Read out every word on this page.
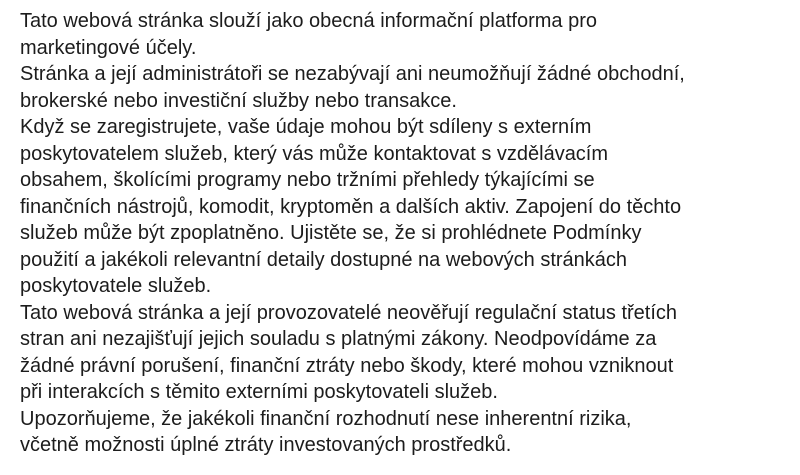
Tato webová stránka slouží jako obecná informační platforma pro
marketingové účely.
Stránka a její administrátoři se nezabývají ani neumožňují žádné obchodní,
brokerské nebo investiční služby nebo transakce.
Když se zaregistrujete, vaše údaje mohou být sdíleny s externím
poskytovatelem služeb, který vás může kontaktovat s vzdělávacím
obsahem, školícími programy nebo tržními přehledy týkajícími se
finančních nástrojů, komodit, kryptoměn a dalších aktiv. Zapojení do těchto
služeb může být zpoplatněno. Ujistěte se, že si prohlédnete Podmínky
použití a jakékoli relevantní detaily dostupné na webových stránkách
poskytovatele služeb.
Tato webová stránka a její provozovatelé neověřují regulační status třetích
stran ani nezajišťují jejich souladu s platnými zákony. Neodpovídáme za
žádné právní porušení, finanční ztráty nebo škody, které mohou vzniknout
při interakcích s těmito externími poskytovateli služeb.
Upozorňujeme, že jakékoli finanční rozhodnutí nese inherentní rizika,
včetně možnosti úplné ztráty investovaných prostředků.
